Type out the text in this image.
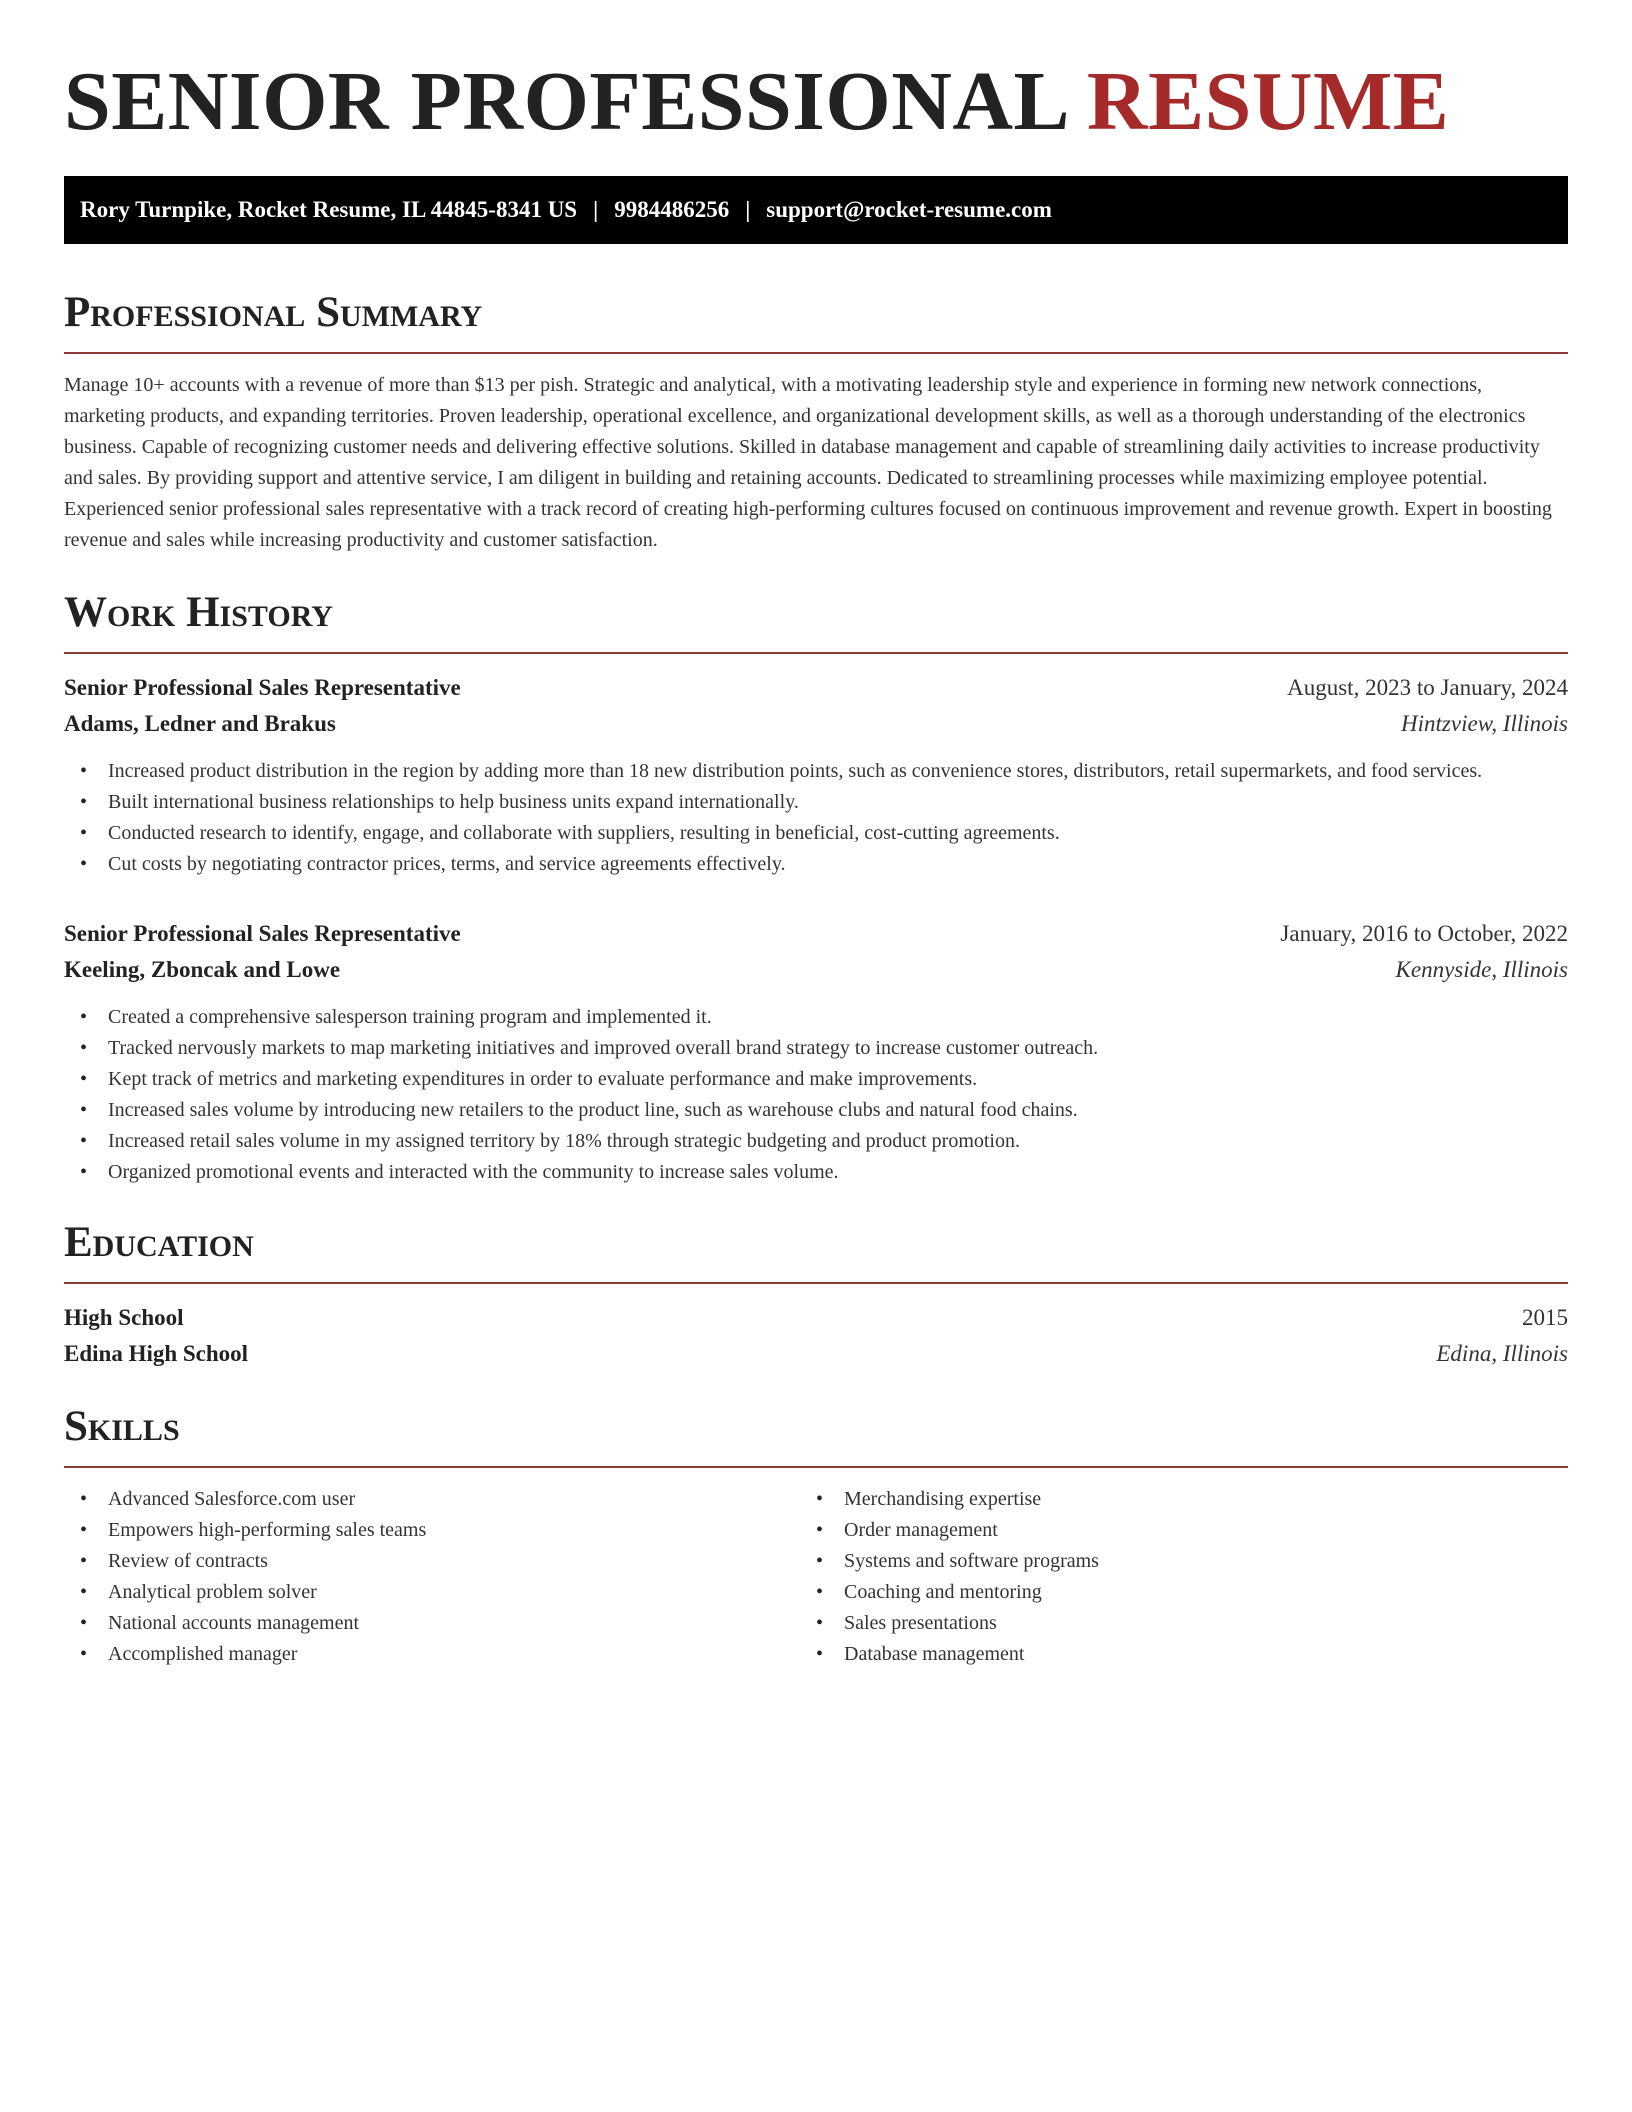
SENIOR PROFESSIONAL RESUME
Rory Turnpike, Rocket Resume, IL 44845-8341 US | 9984486256 | support@rocket-resume.com
Professional Summary

Manage 10+ accounts with a revenue of more than $13 per pish. Strategic and analytical, with a motivating leadership style and experience in forming new network connections, marketing products, and expanding territories. Proven leadership, operational excellence, and organizational development skills, as well as a thorough understanding of the electronics business. Capable of recognizing customer needs and delivering effective solutions. Skilled in database management and capable of streamlining daily activities to increase productivity and sales. By providing support and attentive service, I am diligent in building and retaining accounts. Dedicated to streamlining processes while maximizing employee potential. Experienced senior professional sales representative with a track record of creating high-performing cultures focused on continuous improvement and revenue growth. Expert in boosting revenue and sales while increasing productivity and customer satisfaction.

Work History
Senior Professional Sales Representative	August, 2023 to January, 2024
Adams, Ledner and Brakus	Hintzview, Illinois
• Increased product distribution in the region by adding more than 18 new distribution points, such as convenience stores, distributors, retail supermarkets, and food services.
• Built international business relationships to help business units expand internationally.
• Conducted research to identify, engage, and collaborate with suppliers, resulting in beneficial, cost-cutting agreements.
• Cut costs by negotiating contractor prices, terms, and service agreements effectively.
Senior Professional Sales Representative	January, 2016 to October, 2022
Keeling, Zboncak and Lowe	Kennyside, Illinois
• Created a comprehensive salesperson training program and implemented it.
• Tracked nervously markets to map marketing initiatives and improved overall brand strategy to increase customer outreach.
• Kept track of metrics and marketing expenditures in order to evaluate performance and make improvements.
• Increased sales volume by introducing new retailers to the product line, such as warehouse clubs and natural food chains.
• Increased retail sales volume in my assigned territory by 18% through strategic budgeting and product promotion.
• Organized promotional events and interacted with the community to increase sales volume.
Education
High School	2015
Edina High School	Edina, Illinois
Skills
• Advanced Salesforce.com user
• Empowers high-performing sales teams
• Review of contracts
• Analytical problem solver
• National accounts management
• Accomplished manager
• Merchandising expertise
• Order management
• Systems and software programs
• Coaching and mentoring
• Sales presentations
• Database management
